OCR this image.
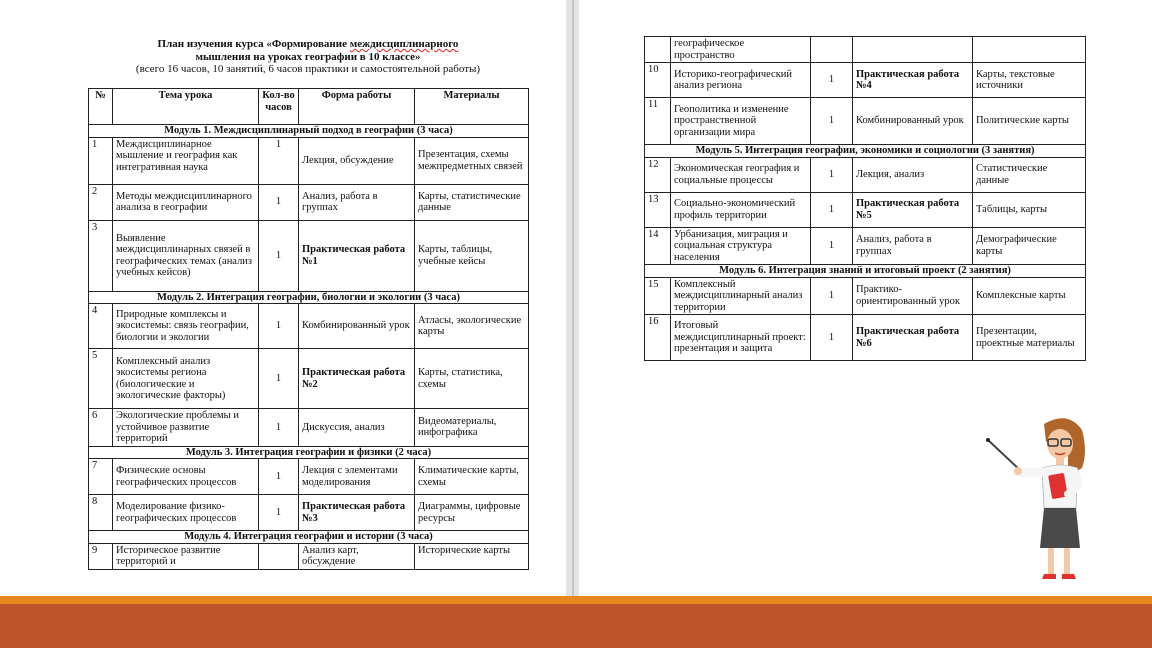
План изучения курса «Формирование междисциплинарного
мышления на уроках географии в 10 классе»
(всего 16 часов, 10 занятий, 6 часов практики и самостоятельной работы)
№	Тема урока	Кол-во часов	Форма работы	Материалы
Модуль 1. Междисциплинарный подход в географии (3 часа)				
1	Междисциплинарное мышление и география как интегративная наука	1	Лекция, обсуждение	Презентация, схемы межпредметных связей
2	Методы междисциплинарного анализа в географии	1	Анализ, работа в группах	Карты, статистические данные
3	Выявление междисциплинарных связей в географических темах (анализ учебных кейсов)	1	Практическая работа №1	Карты, таблицы, учебные кейсы
Модуль 2. Интеграция географии, биологии и экологии (3 часа)				
4	Природные комплексы и экосистемы: связь географии, биологии и экологии	1	Комбинированный урок	Атласы, экологические карты
5	Комплексный анализ экосистемы региона (биологические и экологические факторы)	1	Практическая работа №2	Карты, статистика, схемы
6	Экологические проблемы и устойчивое развитие территорий	1	Дискуссия, анализ	Видеоматериалы, инфографика
Модуль 3. Интеграция географии и физики (2 часа)				
7	Физические основы географических процессов	1	Лекция с элементами моделирования	Климатические карты, схемы
8	Моделирование физико-географических процессов	1	Практическая работа №3	Диаграммы, цифровые ресурсы
Модуль 4. Интеграция географии и истории (3 часа)				
9	Историческое развитие территорий и		Анализ карт, обсуждение	Исторические карты
	географическое пространство			
10	Историко-географический анализ региона	1	Практическая работа №4	Карты, текстовые источники
11	Геополитика и изменение пространственной организации мира	1	Комбинированный урок	Политические карты
Модуль 5. Интеграция географии, экономики и социологии (3 занятия)				
12	Экономическая география и социальные процессы	1	Лекция, анализ	Статистические данные
13	Социально-экономический профиль территории	1	Практическая работа №5	Таблицы, карты
14	Урбанизация, миграция и социальная структура населения	1	Анализ, работа в группах	Демографические карты
Модуль 6. Интеграция знаний и итоговый проект (2 занятия)				
15	Комплексный междисциплинарный анализ территории	1	Практико-ориентированный урок	Комплексные карты
16	Итоговый междисциплинарный проект: презентация и защита	1	Практическая работа №6	Презентации, проектные материалы
